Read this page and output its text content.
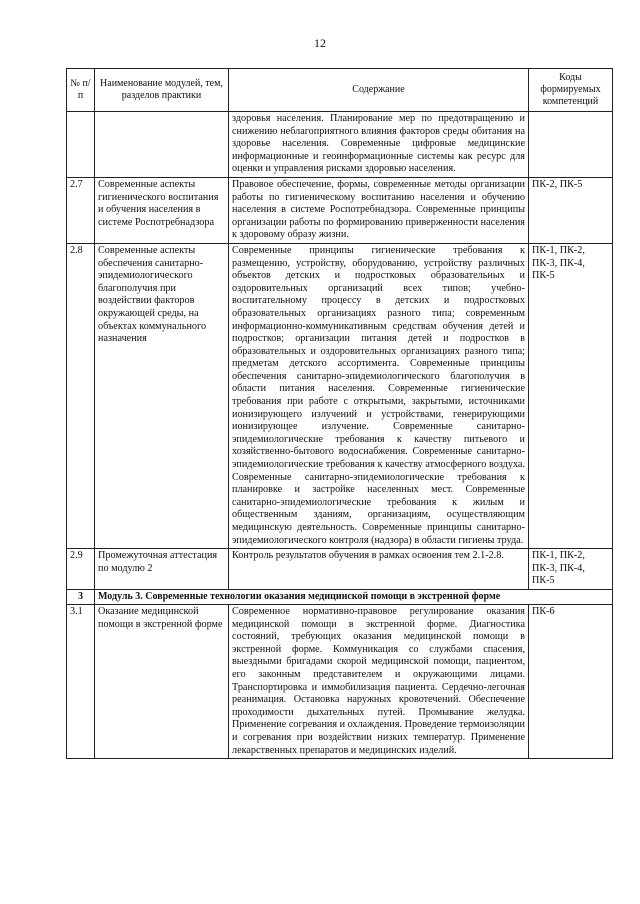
12
№ п/п	Наименование модулей, тем, разделов практики	Содержание	Коды формируемых компетенций
		здоровья населения. Планирование мер по предотвращению и снижению неблагоприятного влияния факторов среды обитания на здоровье населения. Современные цифровые медицинские информационные и геоинформационные системы как ресурс для оценки и управления рисками здоровью населения.	
2.7	Современные аспекты гигиенического воспитания и обучения населения в системе Роспотребнадзора	Правовое обеспечение, формы, современные методы организации работы по гигиеническому воспитанию населения и обучению населения в системе Роспотребнадзора. Современные принципы организации работы по формированию приверженности населения к здоровому образу жизни.	ПК-2, ПК-5
2.8	Современные аспекты обеспечения санитарно-эпидемиологического благополучия при воздействии факторов окружающей среды, на объектах коммунального назначения	Современные принципы гигиенические требования к размещению, устройству, оборудованию, устройству различных объектов детских и подростковых образовательных и оздоровительных организаций всех типов; учебно-воспитательному процессу в детских и подростковых образовательных организациях разного типа; современным информационно-коммуникативным средствам обучения детей и подростков; организации питания детей и подростков в образовательных и оздоровительных организациях разного типа; предметам детского ассортимента. Современные принципы обеспечения санитарно-эпидемиологического благополучия в области питания населения. Современные гигиенические требования при работе с открытыми, закрытыми, источниками ионизирующего излучений и устройствами, генерирующими ионизирующее излучение. Современные санитарно-эпидемиологические требования к качеству питьевого и хозяйственно-бытового водоснабжения. Современные санитарно-эпидемиологические требования к качеству атмосферного воздуха. Современные санитарно-эпидемиологические требования к планировке и застройке населенных мест. Современные санитарно-эпидемиологические требования к жилым и общественным зданиям, организациям, осуществляющим медицинскую деятельность. Современные принципы санитарно-эпидемиологического контроля (надзора) в области гигиены труда.	ПК-1, ПК-2, ПК-3, ПК-4, ПК-5
2.9	Промежуточная аттестация по модулю 2	Контроль результатов обучения в рамках освоения тем 2.1-2.8.	ПК-1, ПК-2, ПК-3, ПК-4, ПК-5
3	Модуль 3. Современные технологии оказания медицинской помощи в экстренной форме		
3.1	Оказание медицинской помощи в экстренной форме	Современное нормативно-правовое регулирование оказания медицинской помощи в экстренной форме. Диагностика состояний, требующих оказания медицинской помощи в экстренной форме. Коммуникация со службами спасения, выездными бригадами скорой медицинской помощи, пациентом, его законным представителем и окружающими лицами. Транспортировка и иммобилизация пациента. Сердечно-легочная реанимация. Остановка наружных кровотечений. Обеспечение проходимости дыхательных путей. Промывание желудка. Применение согревания и охлаждения. Проведение термоизоляции и согревания при воздействии низких температур. Применение лекарственных препаратов и медицинских изделий.	ПК-6
